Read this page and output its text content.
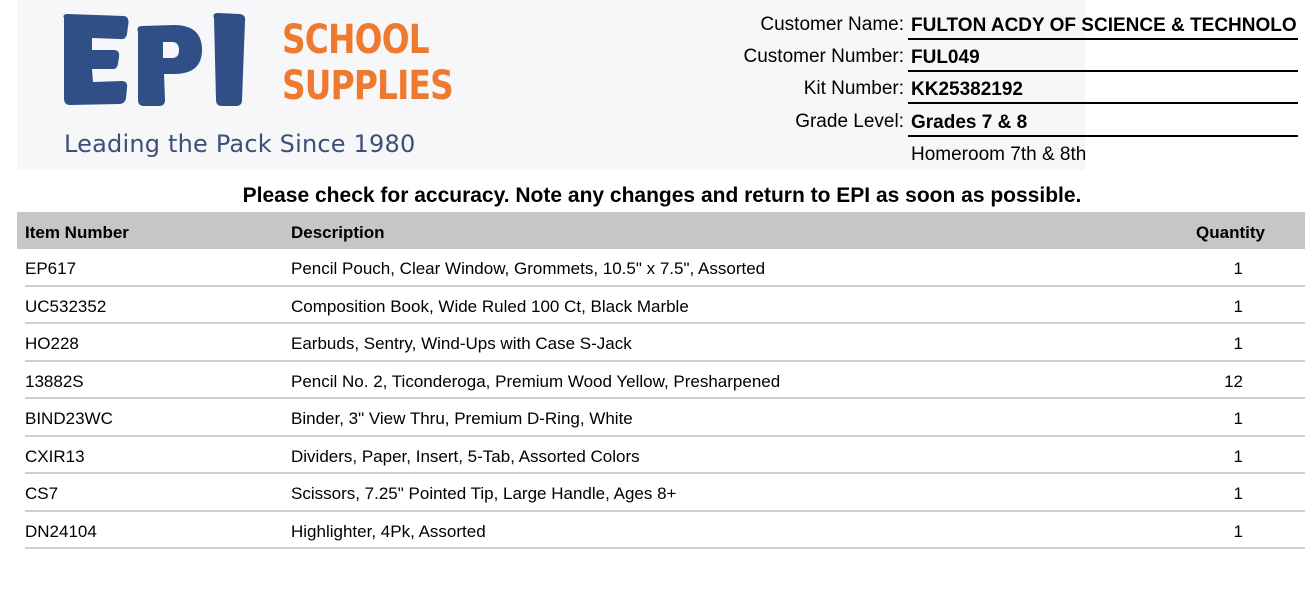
SCHOOL
SUPPLIES
Leading the Pack Since 1980
Customer Name: FULTON ACDY OF SCIENCE & TECHNOLO
Customer Number: FUL049
Kit Number: KK25382192
Grade Level: Grades 7 & 8
Homeroom 7th & 8th
Please check for accuracy. Note any changes and return to EPI as soon as possible.
Item Number	Description	Quantity
EP617	Pencil Pouch, Clear Window, Grommets, 10.5" x 7.5", Assorted	1
UC532352	Composition Book, Wide Ruled 100 Ct, Black Marble	1
HO228	Earbuds, Sentry, Wind-Ups with Case S-Jack	1
13882S	Pencil No. 2, Ticonderoga, Premium Wood Yellow, Presharpened	12
BIND23WC	Binder, 3" View Thru, Premium D-Ring, White	1
CXIR13	Dividers, Paper, Insert, 5-Tab, Assorted Colors	1
CS7	Scissors, 7.25" Pointed Tip, Large Handle, Ages 8+	1
DN24104	Highlighter, 4Pk, Assorted	1
